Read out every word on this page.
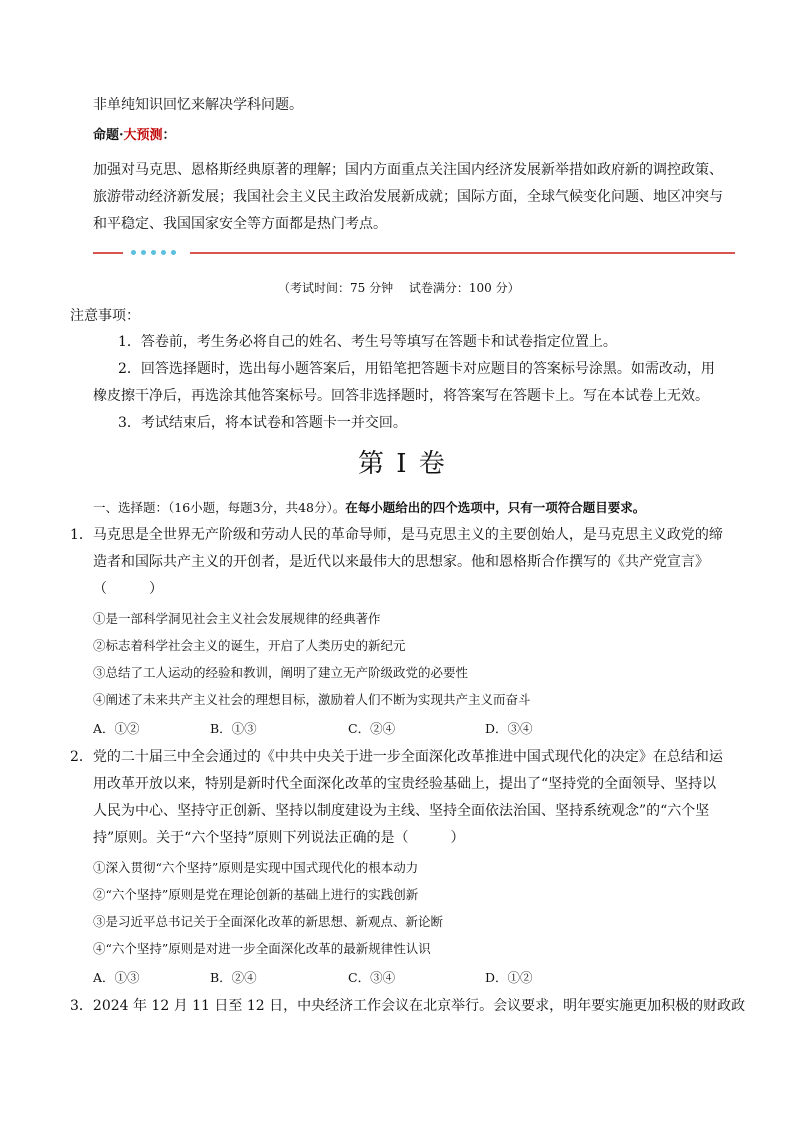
非单纯知识回忆来解决学科问题。
命题·大预测：
加强对马克思、恩格斯经典原著的理解；国内方面重点关注国内经济发展新举措如政府新的调控政策、
旅游带动经济新发展；我国社会主义民主政治发展新成就；国际方面，全球气候变化问题、地区冲突与
和平稳定、我国国家安全等方面都是热门考点。
（考试时间：75 分钟　 试卷满分：100 分）
注意事项：
1．答卷前，考生务必将自己的姓名、考生号等填写在答题卡和试卷指定位置上。
2．回答选择题时，选出每小题答案后，用铅笔把答题卡对应题目的答案标号涂黑。如需改动，用
橡皮擦干净后，再选涂其他答案标号。回答非选择题时，将答案写在答题卡上。写在本试卷上无效。
3．考试结束后，将本试卷和答题卡一并交回。
第 I 卷
一、选择题：（16小题，每题3分，共48分）。在每小题给出的四个选项中，只有一项符合题目要求。
1．马克思是全世界无产阶级和劳动人民的革命导师，是马克思主义的主要创始人，是马克思主义政党的缔
造者和国际共产主义的开创者，是近代以来最伟大的思想家。他和恩格斯合作撰写的《共产党宣言》
（　　　）
①是一部科学洞见社会主义社会发展规律的经典著作
②标志着科学社会主义的诞生，开启了人类历史的新纪元
③总结了工人运动的经验和教训，阐明了建立无产阶级政党的必要性
④阐述了未来共产主义社会的理想目标，激励着人们不断为实现共产主义而奋斗
A．①②	B．①③	C．②④	D．③④
2．党的二十届三中全会通过的《中共中央关于进一步全面深化改革推进中国式现代化的决定》在总结和运
用改革开放以来，特别是新时代全面深化改革的宝贵经验基础上，提出了“坚持党的全面领导、坚持以
人民为中心、坚持守正创新、坚持以制度建设为主线、坚持全面依法治国、坚持系统观念”的“六个坚
持”原则。关于“六个坚持”原则下列说法正确的是（　　　）
①深入贯彻“六个坚持”原则是实现中国式现代化的根本动力
②“六个坚持”原则是党在理论创新的基础上进行的实践创新
③是习近平总书记关于全面深化改革的新思想、新观点、新论断
④“六个坚持”原则是对进一步全面深化改革的最新规律性认识
A．①③	B．②④	C．③④	D．①②
3．2024 年 12 月 11 日至 12 日，中央经济工作会议在北京举行。会议要求，明年要实施更加积极的财政政
